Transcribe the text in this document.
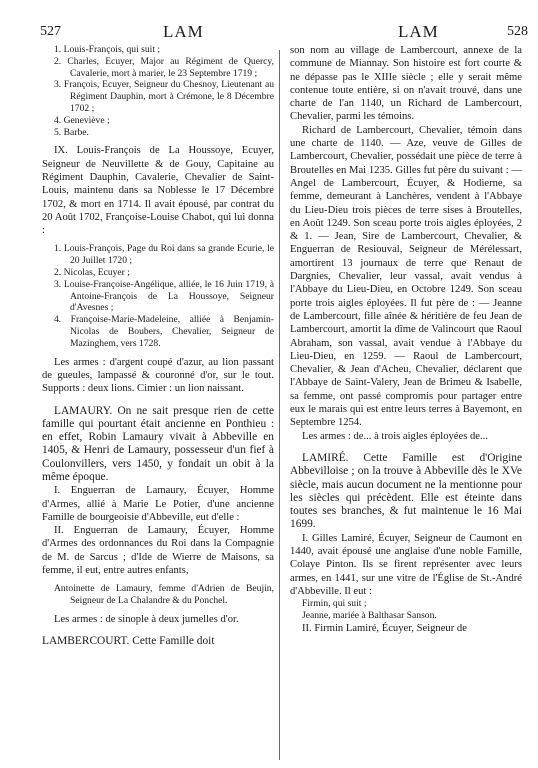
527	LAM	LAM	528

1. Louis-François, qui suit ;

2. Charles, Ecuyer, Major au Régiment de Quercy, Cavalerie, mort à marier, le 23 Septembre 1719 ;

3. François, Ecuyer, Seigneur du Chesnoy, Lieutenant au Régiment Dauphin, mort à Crémone, le 8 Décembre 1702 ;

4. Geneviève ;

5. Barbe.

IX. Louis-François de La Houssoye, Ecuyer, Seigneur de Neuvillette & de Gouy, Capitaine au Régiment Dauphin, Cavalerie, Chevalier de Saint-Louis, maintenu dans sa Noblesse le 17 Décembre 1702, & mort en 1714. Il avait épousé, par contrat du 20 Août 1702, Françoise-Louise Chabot, qui lui donna :

1. Louis-François, Page du Roi dans sa grande Ecurie, le 20 Juillet 1720 ;

2. Nicolas, Ecuyer ;

3. Louise-Françoise-Angélique, alliée, le 16 Juin 1719, à Antoine-François de La Houssoye, Seigneur d'Avesnes ;

4. Françoise-Marie-Madeleine, alliée à Benjamin-Nicolas de Boubers, Chevalier, Seigneur de Mazinghem, vers 1728.

Les armes : d'argent coupé d'azur, au lion passant de gueules, lampassé & couronné d'or, sur le tout. Supports : deux lions. Cimier : un lion naissant.

LAMAURY. On ne sait presque rien de cette famille qui pourtant était ancienne en Ponthieu : en effet, Robin Lamaury vivait à Abbeville en 1405, & Henri de Lamaury, possesseur d'un fief à Coulonvillers, vers 1450, y fondait un obit à la même époque.

I. Enguerran de Lamaury, Écuyer, Homme d'Armes, allié à Marie Le Potier, d'une ancienne Famille de bourgeoisie d'Abbeville, eut d'elle :

II. Enguerran de Lamaury, Écuyer, Homme d'Armes des ordonnances du Roi dans la Compagnie de M. de Sarcus ; d'Ide de Wierre de Maisons, sa femme, il eut, entre autres enfants,

Antoinette de Lamaury, femme d'Adrien de Beujin, Seigneur de La Chalandre & du Ponchel.

Les armes : de sinople à deux jumelles d'or.

LAMBERCOURT. Cette Famille doit

son nom au village de Lambercourt, annexe de la commune de Miannay. Son histoire est fort courte & ne dépasse pas le XIIIe siècle ; elle y serait même contenue toute entière, si on n'avait trouvé, dans une charte de l'an 1140, un Richard de Lambercourt, Chevalier, parmi les témoins.

Richard de Lambercourt, Chevalier, témoin dans une charte de 1140. — Aze, veuve de Gilles de Lambercourt, Chevalier, possédait une pièce de terre à Broutelles en Mai 1235. Gilles fut père du suivant : — Angel de Lambercourt, Écuyer, & Hodierne, sa femme, demeurant à Lanchères, vendent à l'Abbaye du Lieu-Dieu trois pièces de terre sises à Broutelles, en Août 1249. Son sceau porte trois aigles éployées, 2 & 1. — Jean, Sire de Lambercourt, Chevalier, & Enguerran de Resiouval, Seigneur de Mérélessart, amortirent 13 journaux de terre que Renaut de Dargnies, Chevalier, leur vassal, avait vendus à l'Abbaye du Lieu-Dieu, en Octobre 1249. Son sceau porte trois aigles éployées. Il fut père de : — Jeanne de Lambercourt, fille aînée & héritière de feu Jean de Lambercourt, amortit la dîme de Valincourt que Raoul Abraham, son vassal, avait vendue à l'Abbaye du Lieu-Dieu, en 1259. — Raoul de Lambercourt, Chevalier, & Jean d'Acheu, Chevalier, déclarent que l'Abbaye de Saint-Valery, Jean de Brimeu & Isabelle, sa femme, ont passé compromis pour partager entre eux le marais qui est entre leurs terres à Bayemont, en Septembre 1254.

Les armes : de... à trois aigles éployées de...

LAMIRÉ. Cette Famille est d'Origine Abbevilloise ; on la trouve à Abbeville dès le XVe siècle, mais aucun document ne la mentionne pour les siècles qui précèdent. Elle est éteinte dans toutes ses branches, & fut maintenue le 16 Mai 1699.

I. Gilles Lamiré, Écuyer, Seigneur de Caumont en 1440, avait épousé une anglaise d'une noble Famille, Colaye Pinton. Ils se firent représenter avec leurs armes, en 1441, sur une vitre de l'Église de St.-André d'Abbeville. Il eut :

Firmin, qui suit ;

Jeanne, mariée à Balthasar Sanson.

II. Firmin Lamiré, Écuyer, Seigneur de
